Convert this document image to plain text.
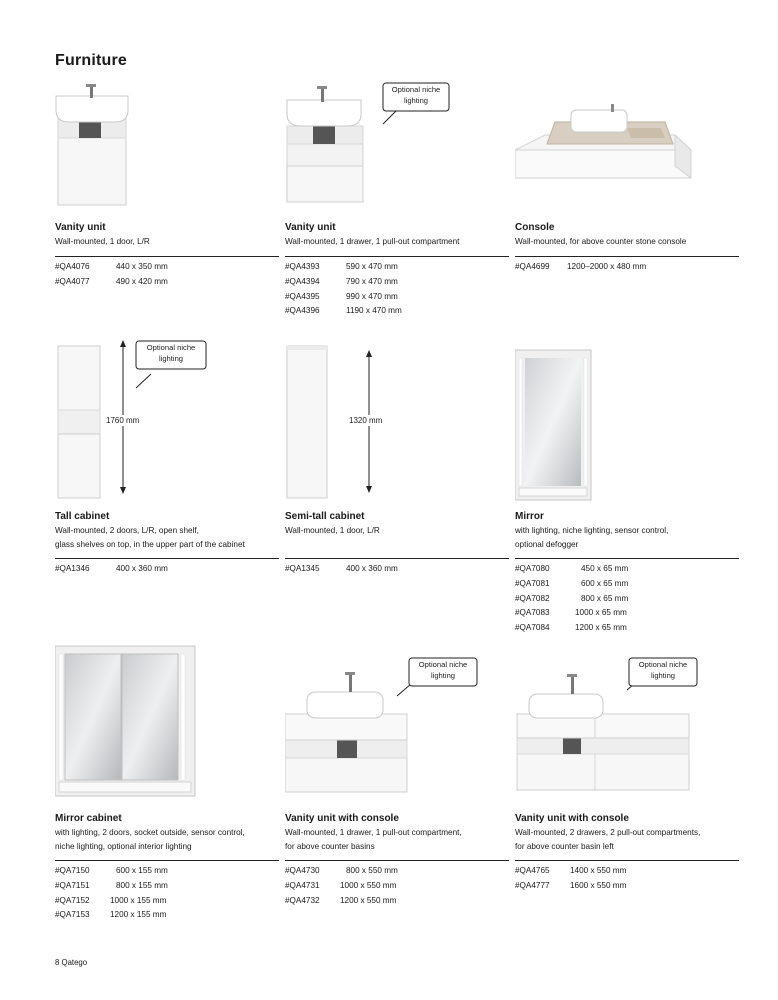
Furniture
Vanity unit
Wall-mounted, 1 door, L/R
#QA4076	440 x 350 mm
#QA4077	490 x 420 mm
Optional niche
lighting
Vanity unit
Wall-mounted, 1 drawer, 1 pull-out compartment
#QA4393	590 x 470 mm
#QA4394	790 x 470 mm
#QA4395	990 x 470 mm
#QA4396	1190 x 470 mm
Console
Wall-mounted, for above counter stone console
#QA4699 1200–2000 x 480 mm
Optional niche
lighting
1760 mm
Tall cabinet
Wall-mounted, 2 doors, L/R, open shelf,
glass shelves on top, in the upper part of the cabinet
#QA1346	400 x 360 mm
1320 mm
Semi-tall cabinet
Wall-mounted, 1 door, L/R
#QA1345	400 x 360 mm
Mirror
with lighting, niche lighting, sensor control,
optional defogger
#QA7080	450 x 65 mm
#QA7081	600 x 65 mm
#QA7082	800 x 65 mm
#QA7083	1000 x 65 mm
#QA7084	1200 x 65 mm
Mirror cabinet
with lighting, 2 doors, socket outside, sensor control,
niche lighting, optional interior lighting
#QA7150	600 x 155 mm
#QA7151	800 x 155 mm
#QA7152 1000 x 155 mm
#QA7153 1200 x 155 mm
Optional niche
lighting
Vanity unit with console
Wall-mounted, 1 drawer, 1 pull-out compartment,
for above counter basins
#QA4730	800 x 550 mm
#QA4731 1000 x 550 mm
#QA4732 1200 x 550 mm
Optional niche
lighting
Vanity unit with console
Wall-mounted, 2 drawers, 2 pull-out compartments,
for above counter basin left
#QA4765 1400 x 550 mm
#QA4777 1600 x 550 mm
8 Qatego
